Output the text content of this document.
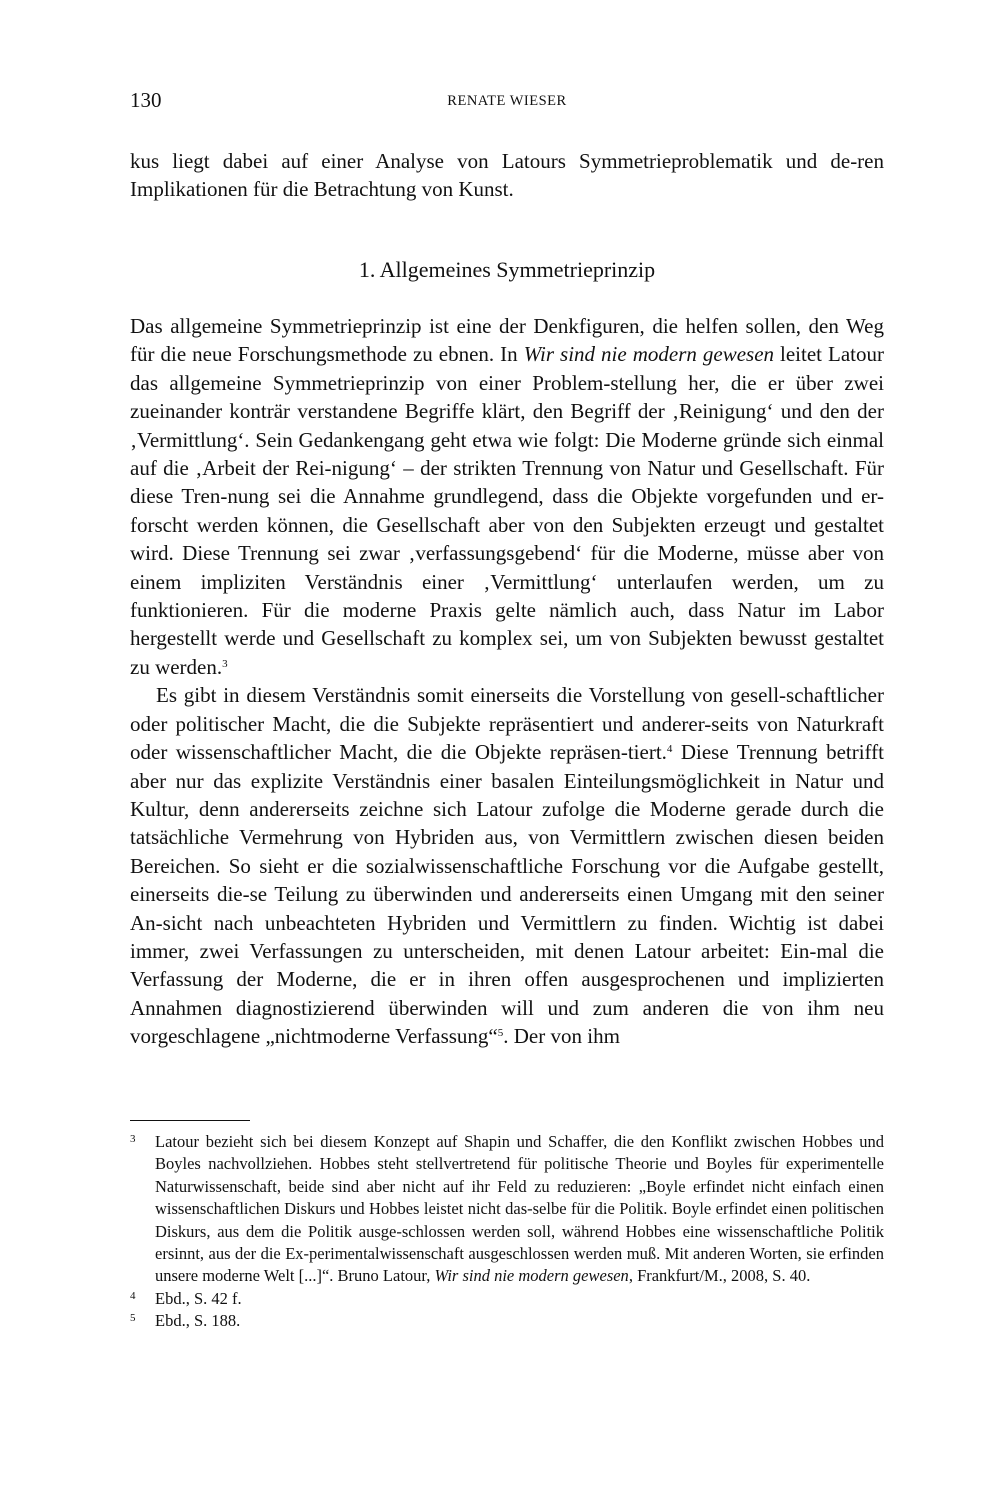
130	RENATE WIESER

kus liegt dabei auf einer Analyse von Latours Symmetrieproblematik und de-ren Implikationen für die Betrachtung von Kunst.

1. Allgemeines Symmetrieprinzip

Das allgemeine Symmetrieprinzip ist eine der Denkfiguren, die helfen sollen, den Weg für die neue Forschungsmethode zu ebnen. In Wir sind nie modern gewesen leitet Latour das allgemeine Symmetrieprinzip von einer Problem-stellung her, die er über zwei zueinander konträr verstandene Begriffe klärt, den Begriff der ‚Reinigung‘ und den der ‚Vermittlung‘. Sein Gedankengang geht etwa wie folgt: Die Moderne gründe sich einmal auf die ‚Arbeit der Rei-nigung‘ – der strikten Trennung von Natur und Gesellschaft. Für diese Tren-nung sei die Annahme grundlegend, dass die Objekte vorgefunden und er-forscht werden können, die Gesellschaft aber von den Subjekten erzeugt und gestaltet wird. Diese Trennung sei zwar ‚verfassungsgebend‘ für die Moderne, müsse aber von einem impliziten Verständnis einer ‚Vermittlung‘ unterlaufen werden, um zu funktionieren. Für die moderne Praxis gelte nämlich auch, dass Natur im Labor hergestellt werde und Gesellschaft zu komplex sei, um von Subjekten bewusst gestaltet zu werden.$^3$

Es gibt in diesem Verständnis somit einerseits die Vorstellung von gesell-schaftlicher oder politischer Macht, die die Subjekte repräsentiert und anderer-seits von Naturkraft oder wissenschaftlicher Macht, die die Objekte repräsen-tiert.$^4$ Diese Trennung betrifft aber nur das explizite Verständnis einer basalen Einteilungsmöglichkeit in Natur und Kultur, denn andererseits zeichne sich Latour zufolge die Moderne gerade durch die tatsächliche Vermehrung von Hybriden aus, von Vermittlern zwischen diesen beiden Bereichen. So sieht er die sozialwissenschaftliche Forschung vor die Aufgabe gestellt, einerseits die-se Teilung zu überwinden und andererseits einen Umgang mit den seiner An-sicht nach unbeachteten Hybriden und Vermittlern zu finden. Wichtig ist dabei immer, zwei Verfassungen zu unterscheiden, mit denen Latour arbeitet: Ein-mal die Verfassung der Moderne, die er in ihren offen ausgesprochenen und implizierten Annahmen diagnostizierend überwinden will und zum anderen die von ihm neu vorgeschlagene „nichtmoderne Verfassung“$^5$. Der von ihm

3 Latour bezieht sich bei diesem Konzept auf Shapin und Schaffer, die den Konflikt zwischen Hobbes und Boyles nachvollziehen. Hobbes steht stellvertretend für politische Theorie und Boyles für experimentelle Naturwissenschaft, beide sind aber nicht auf ihr Feld zu reduzieren: „Boyle erfindet nicht einfach einen wissenschaftlichen Diskurs und Hobbes leistet nicht das-selbe für die Politik. Boyle erfindet einen politischen Diskurs, aus dem die Politik ausge-schlossen werden soll, während Hobbes eine wissenschaftliche Politik ersinnt, aus der die Ex-perimentalwissenschaft ausgeschlossen werden muß. Mit anderen Worten, sie erfinden unsere moderne Welt [...]“. Bruno Latour, Wir sind nie modern gewesen, Frankfurt/M., 2008, S. 40.
4 Ebd., S. 42 f.
5 Ebd., S. 188.
